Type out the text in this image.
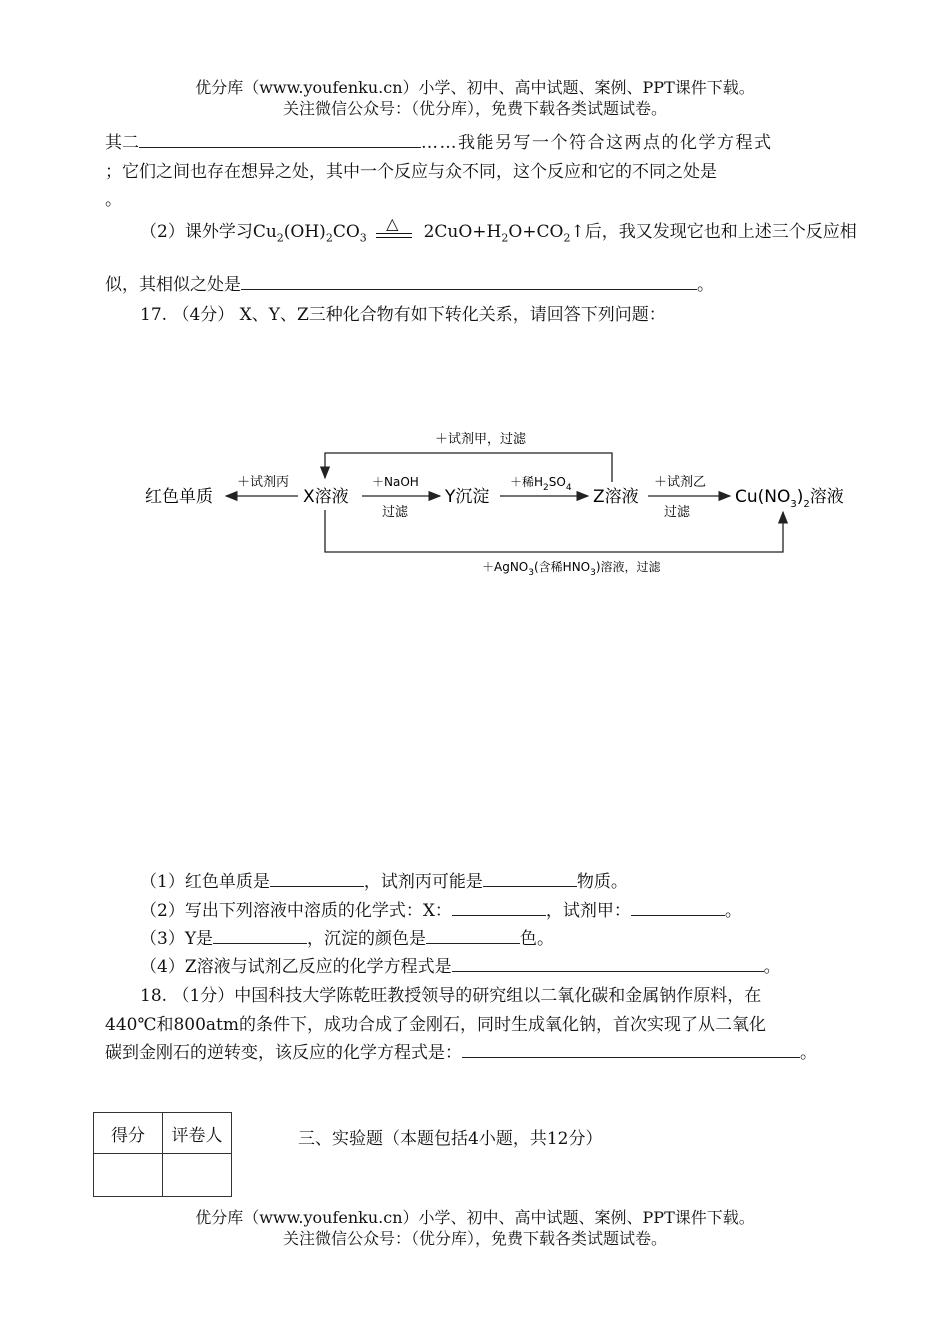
优分库（www.youfenku.cn）小学、初中、高中试题、案例、PPT课件下载。
关注微信公众号：（优分库），免费下载各类试题试卷。
其二	……我能另写一个符合这两点的化学方程式
；它们之间也存在想异之处，其中一个反应与众不同，这个反应和它的不同之处是
。
（2）课外学习$Cu_2(OH)_2CO_3$
△ $2CuO+H_2O+CO_2↑$后，我又发现它也和上述三个反应相
似，其相似之处是	。
17. （4分） X、Y、Z三种化合物有如下转化关系，请回答下列问题：
红色单质	X溶液	Y沉淀	Z溶液	$Cu(NO_3)_2$溶液
＋试剂丙	＋NaOH
过滤
＋稀$H_2SO_4$	＋试剂乙
过滤
＋试剂甲，过滤
＋AgNO$_3$(含稀$HNO_3$)溶液，过滤
（1）红色单质是	，试剂丙可能是	物质。
（2）写出下列溶液中溶质的化学式：X：	，试剂甲：	。
（3）Y是	，沉淀的颜色是	色。
（4）Z溶液与试剂乙反应的化学方程式是	。
18. （1分）中国科技大学陈乾旺教授领导的研究组以二氧化碳和金属钠作原料，在
440℃和800atm的条件下，成功合成了金刚石，同时生成氧化钠，首次实现了从二氧化
碳到金刚石的逆转变，该反应的化学方程式是：	。
得分	评卷人
		三、实验题（本题包括4小题，共12分）
优分库（www.youfenku.cn）小学、初中、高中试题、案例、PPT课件下载。
关注微信公众号：（优分库），免费下载各类试题试卷。
